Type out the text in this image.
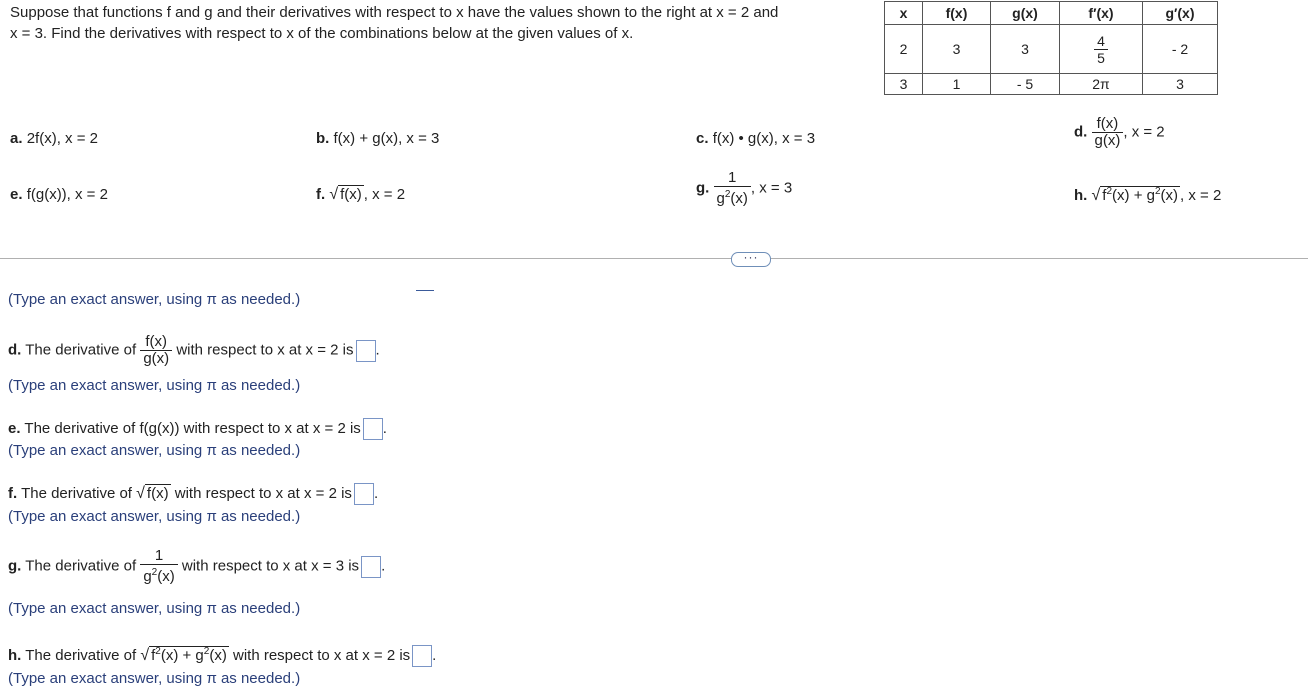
Suppose that functions f and g and their derivatives with respect to x have the values shown to the right at x = 2 and
x = 3. Find the derivatives with respect to x of the combinations below at the given values of x.
x	f(x)	g(x)	f′(x)	g′(x)
2	3	3	$\frac{4}{5}$	- 2
3	1	- 5	2π	3
a. 2f(x), x = 2	b. f(x) + g(x), x = 3	c. f(x) • g(x), x = 3	d. $\frac{f(x)}{g(x)}$ , x = 2
e. f(g(x)), x = 2	f. √ f(x) , x = 2	g. $\frac{1}{g^2(x)}$ , x = 3	h. √ $f^2(x) + g^2(x)$ , x = 2
···
(Type an exact answer, using π as needed.)
d. The derivative of $\frac{f(x)}{g(x)}$ with respect to x at x = 2 is .
(Type an exact answer, using π as needed.)
e. The derivative of f(g(x)) with respect to x at x = 2 is .
(Type an exact answer, using π as needed.)
f. The derivative of √ f(x) with respect to x at x = 2 is .
(Type an exact answer, using π as needed.)
g. The derivative of $\frac{1}{g^2(x)}$ with respect to x at x = 3 is .
(Type an exact answer, using π as needed.)
h. The derivative of √ $f^2(x) + g^2(x)$ with respect to x at x = 2 is .
(Type an exact answer, using π as needed.)
